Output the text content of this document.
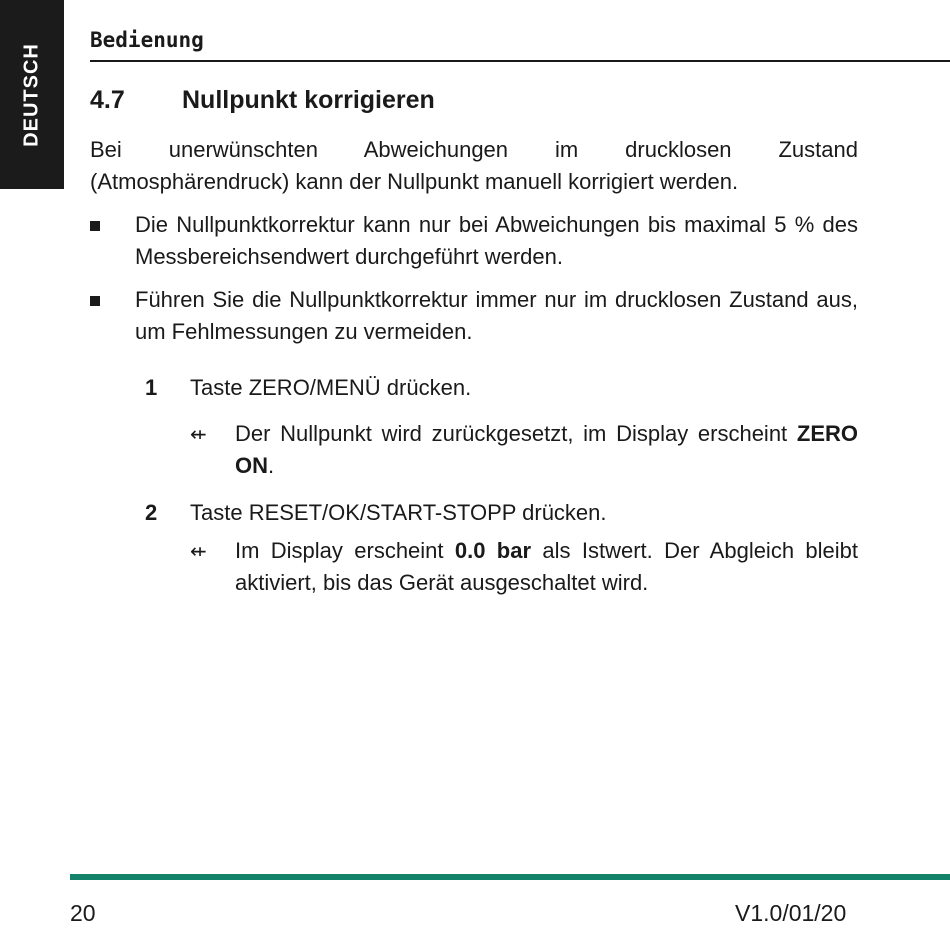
DEUTSCH
Bedienung
4.7 Nullpunkt korrigieren

Bei unerwünschten Abweichungen im drucklosen Zustand (Atmosphärendruck) kann der Nullpunkt manuell korrigiert werden.

Die Nullpunktkorrektur kann nur bei Abweichungen bis maximal 5 % des Messbereichsendwert durchgeführt werden.
Führen Sie die Nullpunktkorrektur immer nur im drucklosen Zustand aus, um Fehlmessungen zu vermeiden.
1 Taste ZERO/MENÜ drücken.
⇷ Der Nullpunkt wird zurückgesetzt, im Display erscheint ZERO ON.
2 Taste RESET/OK/START-STOPP drücken.
⇷ Im Display erscheint 0.0 bar als Istwert. Der Abgleich bleibt aktiviert, bis das Gerät ausgeschaltet wird.
20	V1.0/01/20
